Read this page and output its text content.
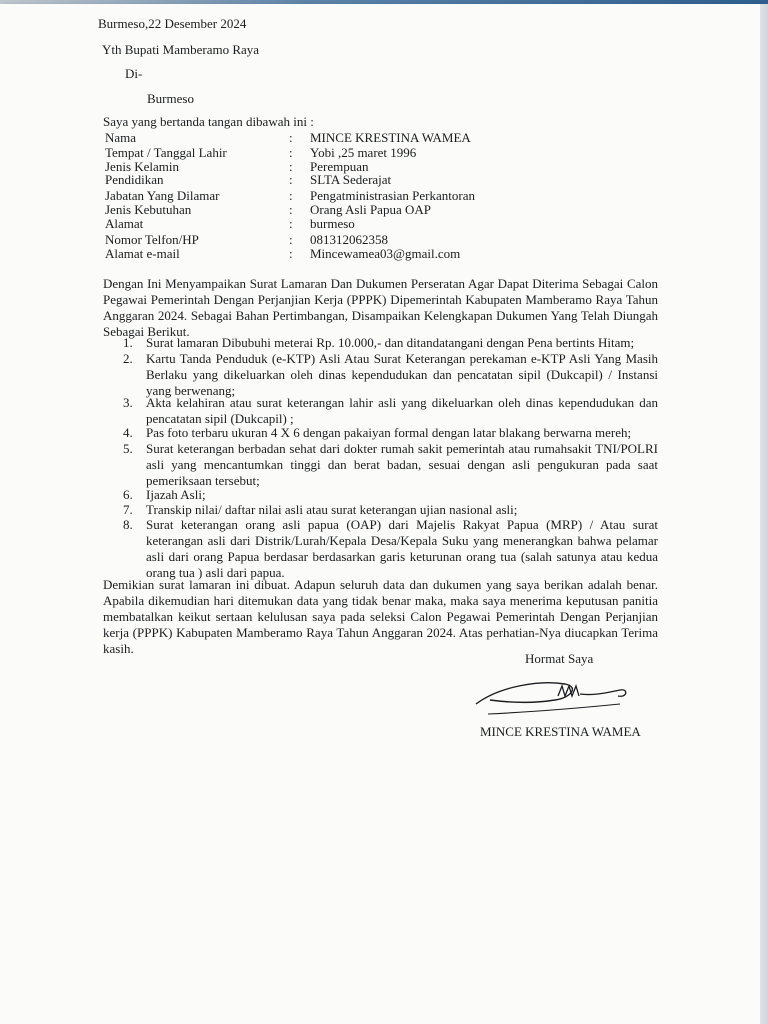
Burmeso,22 Desember 2024
Yth Bupati Mamberamo Raya
Di-
Burmeso
Saya yang bertanda tangan dibawah ini :
Nama	: MINCE KRESTINA WAMEA
Tempat / Tanggal Lahir	: Yobi ,25 maret 1996
Jenis Kelamin	: Perempuan
Pendidikan	: SLTA Sederajat
Jabatan Yang Dilamar	: Pengatministrasian Perkantoran
Jenis Kebutuhan	: Orang Asli Papua OAP
Alamat	: burmeso
Nomor Telfon/HP	: 081312062358
Alamat e-mail	: Mincewamea03@gmail.com
Dengan Ini Menyampaikan Surat Lamaran Dan Dukumen Perseratan Agar Dapat Diterima Sebagai Calon Pegawai Pemerintah Dengan Perjanjian Kerja (PPPK) Dipemerintah Kabupaten Mamberamo Raya Tahun Anggaran 2024. Sebagai Bahan Pertimbangan, Disampaikan Kelengkapan Dukumen Yang Telah Diungah Sebagai Berikut.
1. Surat lamaran Dibubuhi meterai Rp. 10.000,- dan ditandatangani dengan Pena bertints Hitam;
2. Kartu Tanda Penduduk (e-KTP) Asli Atau Surat Keterangan perekaman e-KTP Asli Yang Masih Berlaku yang dikeluarkan oleh dinas kependudukan dan pencatatan sipil (Dukcapil) / Instansi yang berwenang;
3. Akta kelahiran atau surat keterangan lahir asli yang dikeluarkan oleh dinas kependudukan dan pencatatan sipil (Dukcapil) ;
4. Pas foto terbaru ukuran 4 X 6 dengan pakaiyan formal dengan latar blakang berwarna mereh;
5. Surat keterangan berbadan sehat dari dokter rumah sakit pemerintah atau rumahsakit TNI/POLRI asli yang mencantumkan tinggi dan berat badan, sesuai dengan asli pengukuran pada saat pemeriksaan tersebut;
6. Ijazah Asli;
7. Transkip nilai/ daftar nilai asli atau surat keterangan ujian nasional asli;
8. Surat keterangan orang asli papua (OAP) dari Majelis Rakyat Papua (MRP) / Atau surat keterangan asli dari Distrik/Lurah/Kepala Desa/Kepala Suku yang menerangkan bahwa pelamar asli dari orang Papua berdasar berdasarkan garis keturunan orang tua (salah satunya atau kedua orang tua ) asli dari papua.
Demikian surat lamaran ini dibuat. Adapun seluruh data dan dukumen yang saya berikan adalah benar. Apabila dikemudian hari ditemukan data yang tidak benar maka, maka saya menerima keputusan panitia membatalkan keikut sertaan kelulusan saya pada seleksi Calon Pegawai Pemerintah Dengan Perjanjian kerja (PPPK) Kabupaten Mamberamo Raya Tahun Anggaran 2024. Atas perhatian-Nya diucapkan Terima kasih.
Hormat Saya
MINCE KRESTINA WAMEA
